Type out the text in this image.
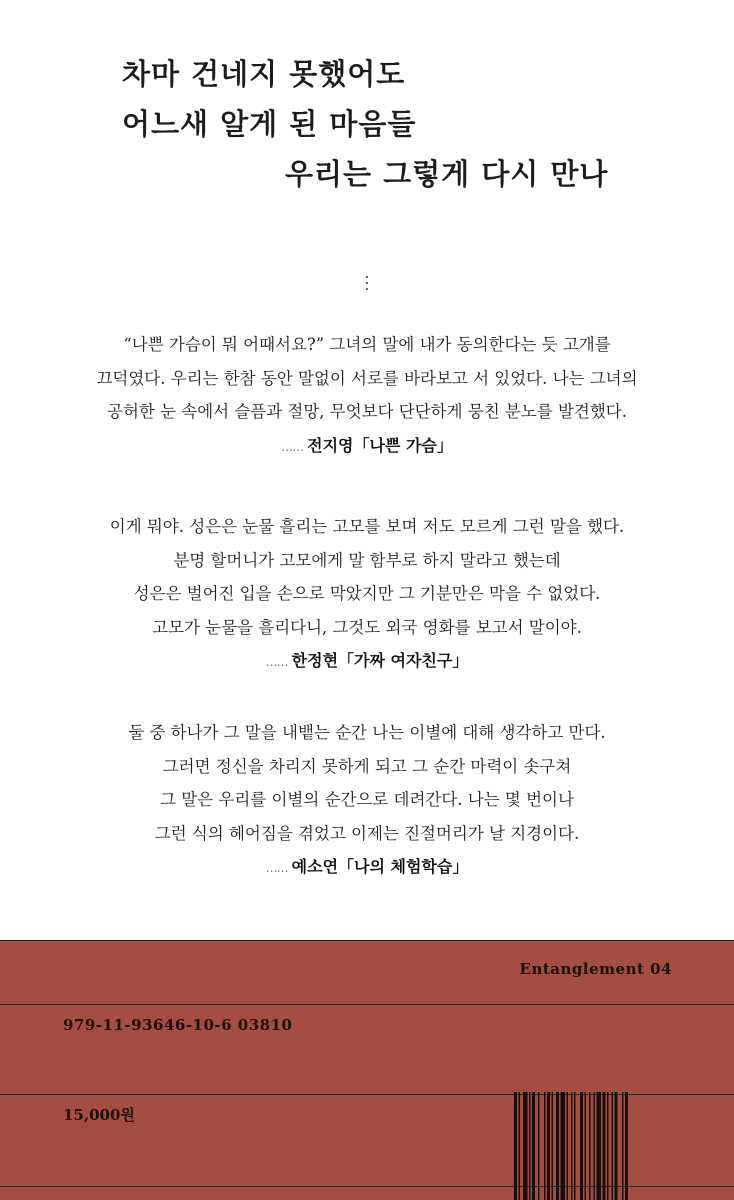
차마 건네지 못했어도
어느새 알게 된 마음들
우리는 그렇게 다시 만나
“나쁜 가슴이 뭐 어때서요?” 그녀의 말에 내가 동의한다는 듯 고개를
끄덕였다. 우리는 한참 동안 말없이 서로를 바라보고 서 있었다. 나는 그녀의
공허한 눈 속에서 슬픔과 절망, 무엇보다 단단하게 뭉친 분노를 발견했다.
…… 전지영「나쁜 가슴」
이게 뭐야. 성은은 눈물 흘리는 고모를 보며 저도 모르게 그런 말을 했다.
분명 할머니가 고모에게 말 함부로 하지 말라고 했는데
성은은 벌어진 입을 손으로 막았지만 그 기분만은 막을 수 없었다.
고모가 눈물을 흘리다니, 그것도 외국 영화를 보고서 말이야.
…… 한정현「가짜 여자친구」
둘 중 하나가 그 말을 내뱉는 순간 나는 이별에 대해 생각하고 만다.
그러면 정신을 차리지 못하게 되고 그 순간 마력이 솟구쳐
그 말은 우리를 이별의 순간으로 데려간다. 나는 몇 번이나
그런 식의 헤어짐을 겪었고 이제는 진절머리가 날 지경이다.
…… 예소연「나의 체험학습」
Entanglement 04
979-11-93646-10-6 03810
15,000원
